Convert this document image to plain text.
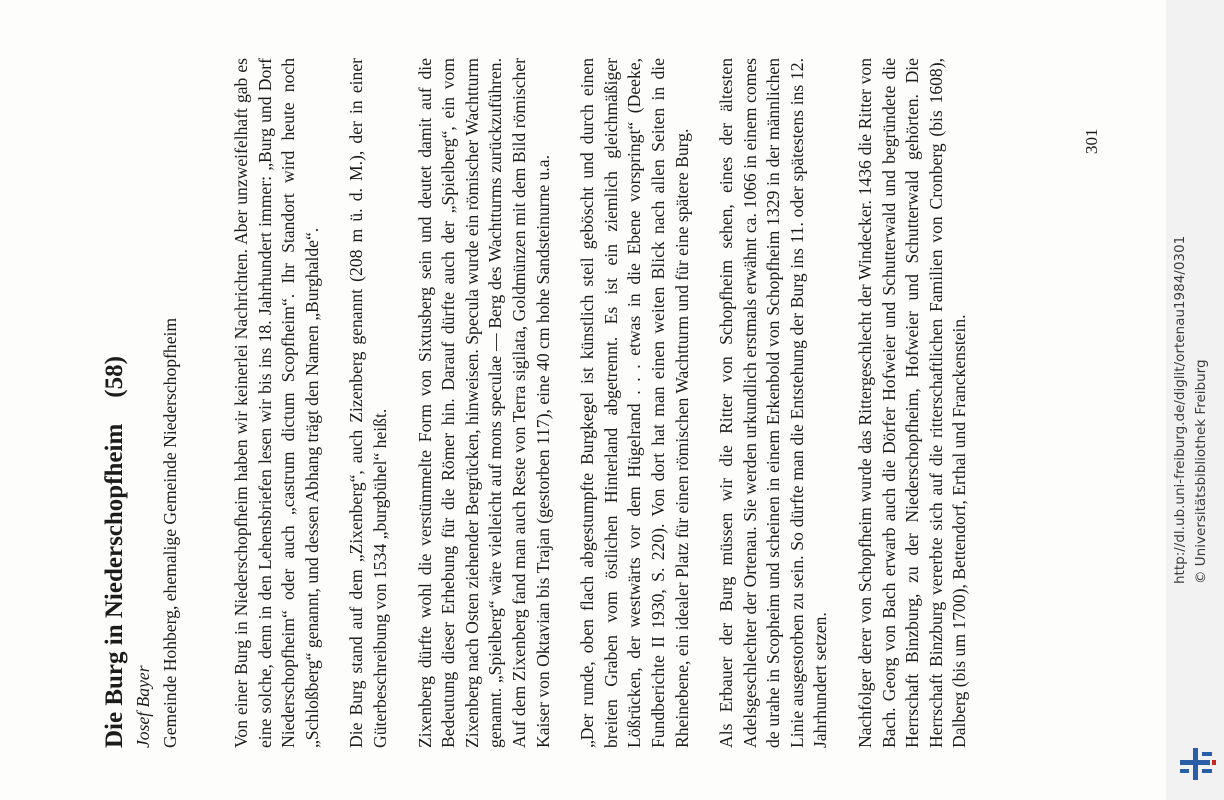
Die Burg in Niederschopfheim(58)
Josef Bayer Gemeinde Hohberg, ehemalige Gemeinde Niederschopfheim	Von einer Burg in Niederschopfheim haben wir keinerlei Nachrichten. Aber unzweifelhaft gab es eine solche, denn in den Lehensbriefen lesen wir bis ins 18. Jahrhundert immer: „Burg und Dorf Niederschopfheim“ oder auch „castrum dictum Scopfheim“. Ihr Standort wird heute noch „Schloßberg“ genannt, und dessen Abhang trägt den Namen „Burghalde“. Die Burg stand auf dem „Zixenberg“, auch Zizenberg genannt (208 m ü. d. M.), der in einer Güterbeschreibung von 1534 „burgbühel“ heißt. Zixenberg dürfte wohl die verstümmelte Form von Sixtusberg sein und deutet damit auf die Bedeutung dieser Erhebung für die Römer hin. Darauf dürfte auch der „Spielberg“, ein vom Zixenberg nach Osten ziehender Bergrücken, hinweisen. Specula wurde ein römischer Wachtturm genannt. „Spielberg“ wäre vielleicht auf mons speculae — Berg des Wachtturms zurückzuführen. Auf dem Zixenberg fand man auch Reste von Terra sigilata, Goldmünzen mit dem Bild römischer Kaiser von Oktavian bis Trajan (gestorben 117), eine 40 cm hohe Sandsteinurne u.a. „Der runde, oben flach abgestumpfte Burgkegel ist künstlich steil geböscht und durch einen breiten Graben vom östlichen Hinterland abgetrennt. Es ist ein ziemlich gleichmäßiger Lößrücken, der westwärts vor dem Hügelrand . . . etwas in die Ebene vorspringt“ (Deeke, Fundberichte II 1930, S. 220). Von dort hat man einen weiten Blick nach allen Seiten in die Rheinebene, ein idealer Platz für einen römischen Wachtturm und für eine spätere Burg. Als Erbauer der Burg müssen wir die Ritter von Schopfheim sehen, eines der ältesten Adelsgeschlechter der Ortenau. Sie werden urkundlich erstmals erwähnt ca. 1066 in einem comes de urahe in Scopheim und scheinen in einem Erkenbold von Schopfheim 1329 in der männlichen Linie ausgestorben zu sein. So dürfte man die Entstehung der Burg ins 11. oder spätestens ins 12. Jahrhundert setzen. Nachfolger derer von Schopfheim wurde das Rittergeschlecht der Windecker. 1436 die Ritter von Bach. Georg von Bach erwarb auch die Dörfer Hofweier und Schutterwald und begründete die Herrschaft Binzburg, zu der Niederschopfheim, Hofweier und Schutterwald gehörten. Die Herrschaft Binzburg vererbte sich auf die ritterschaftlichen Familien von Cronberg (bis 1608), Dalberg (bis um 1700), Bettendorf, Erthal und Franckenstein.

301
http://dl.ub.uni-freiburg.de/diglit/ortenau1984/0301 © Universitätsbibliothek Freiburg
